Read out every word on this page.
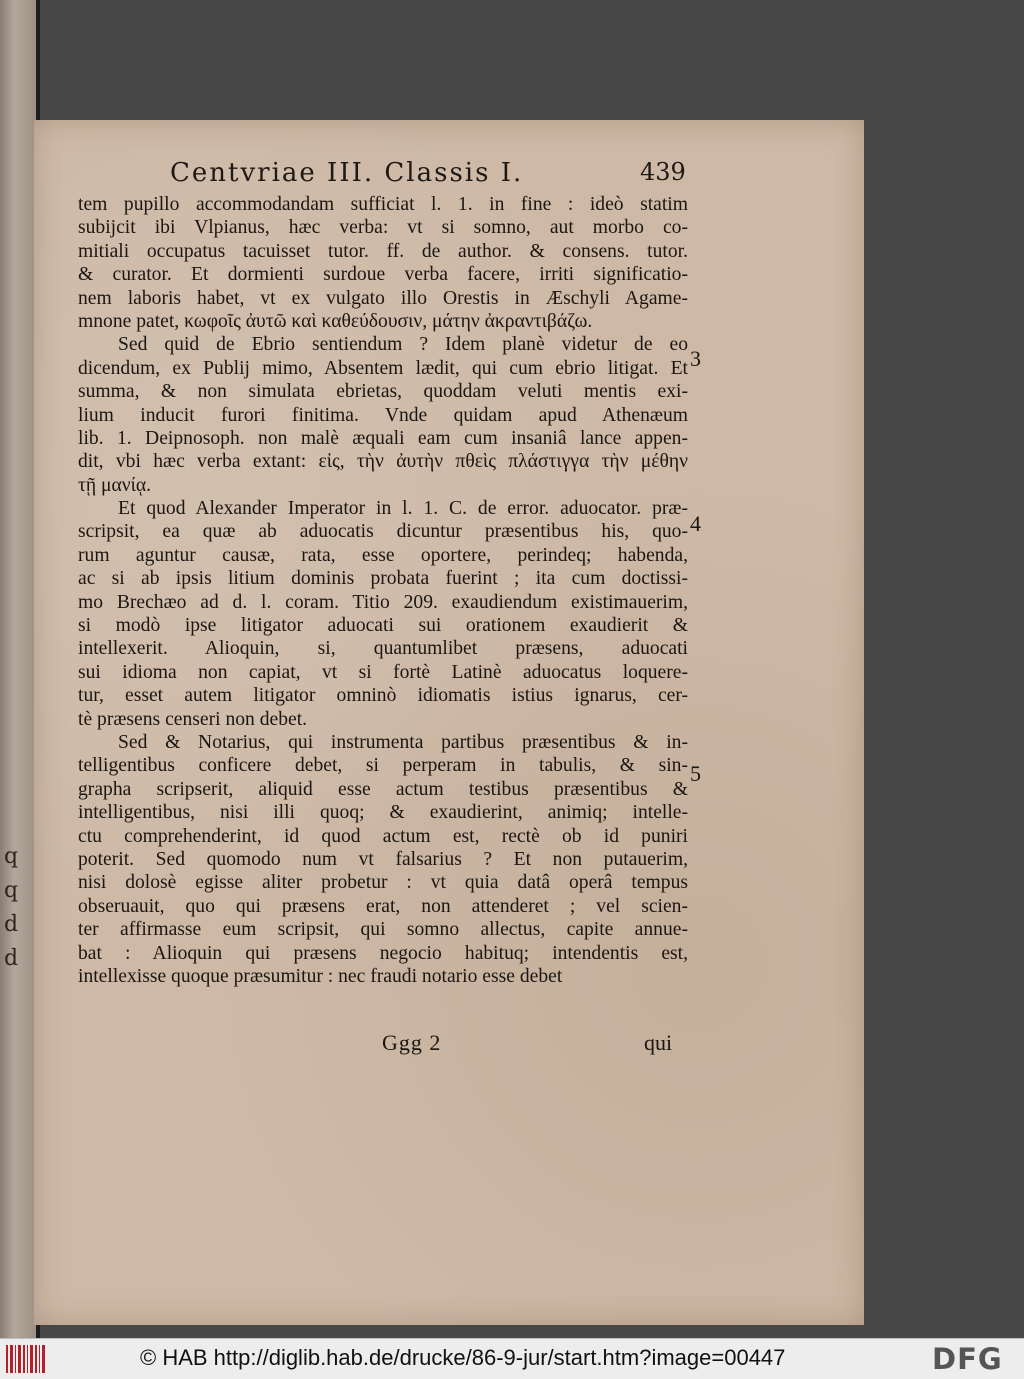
q
q
d
d
Centvriae III. Classis I.	439
tem pupillo accommodandam sufficiat l. 1. in fine : ideò statim
subijcit ibi Vlpianus, hæc verba: vt si somno, aut morbo co-
mitiali occupatus tacuisset tutor. ff. de author. & consens. tutor.
& curator. Et dormienti surdoue verba facere, irriti significatio-
nem laboris habet, vt ex vulgato illo Orestis in Æschyli Agame-
mnone patet, κωφοῖς ἀυτῶ καὶ καθεύδουσιν, μάτην ἀκραντιβάζω.
Sed quid de Ebrio sentiendum ? Idem planè videtur de eo
dicendum, ex Publij mimo, Absentem lædit, qui cum ebrio litigat. Et
summa, & non simulata ebrietas, quoddam veluti mentis exi-
lium inducit furori finitima. Vnde quidam apud Athenæum
lib. 1. Deipnosoph. non malè æquali eam cum insaniâ lance appen-
dit, vbi hæc verba extant: εἰς, τὴν ἀυτὴν πθεὶς πλάστιγγα τὴν μέθην
τῇ μανίᾳ.
Et quod Alexander Imperator in l. 1. C. de error. aduocator. præ-
scripsit, ea quæ ab aduocatis dicuntur præsentibus his, quo-
rum aguntur causæ, rata, esse oportere, perindeq; habenda,
ac si ab ipsis litium dominis probata fuerint ; ita cum doctissi-
mo Brechæo ad d. l. coram. Titio 209. exaudiendum existimauerim,
si modò ipse litigator aduocati sui orationem exaudierit &
intellexerit. Alioquin, si, quantumlibet præsens, aduocati
sui idioma non capiat, vt si fortè Latinè aduocatus loquere-
tur, esset autem litigator omninò idiomatis istius ignarus, cer-
tè præsens censeri non debet.
Sed & Notarius, qui instrumenta partibus præsentibus & in-
telligentibus conficere debet, si perperam in tabulis, & sin-
grapha scripserit, aliquid esse actum testibus præsentibus &
intelligentibus, nisi illi quoq; & exaudierint, animiq; intelle-
ctu comprehenderint, id quod actum est, rectè ob id puniri
poterit. Sed quomodo num vt falsarius ? Et non putauerim,
nisi dolosè egisse aliter probetur : vt quia datâ operâ tempus
obseruauit, quo qui præsens erat, non attenderet ; vel scien-
ter affirmasse eum scripsit, qui somno allectus, capite annue-
bat : Alioquin qui præsens negocio habituq; intendentis est,
intellexisse quoque præsumitur : nec fraudi notario esse debet
3
4
5
Ggg 2	qui
© HAB http://diglib.hab.de/drucke/86-9-jur/start.htm?image=00447	DFG
